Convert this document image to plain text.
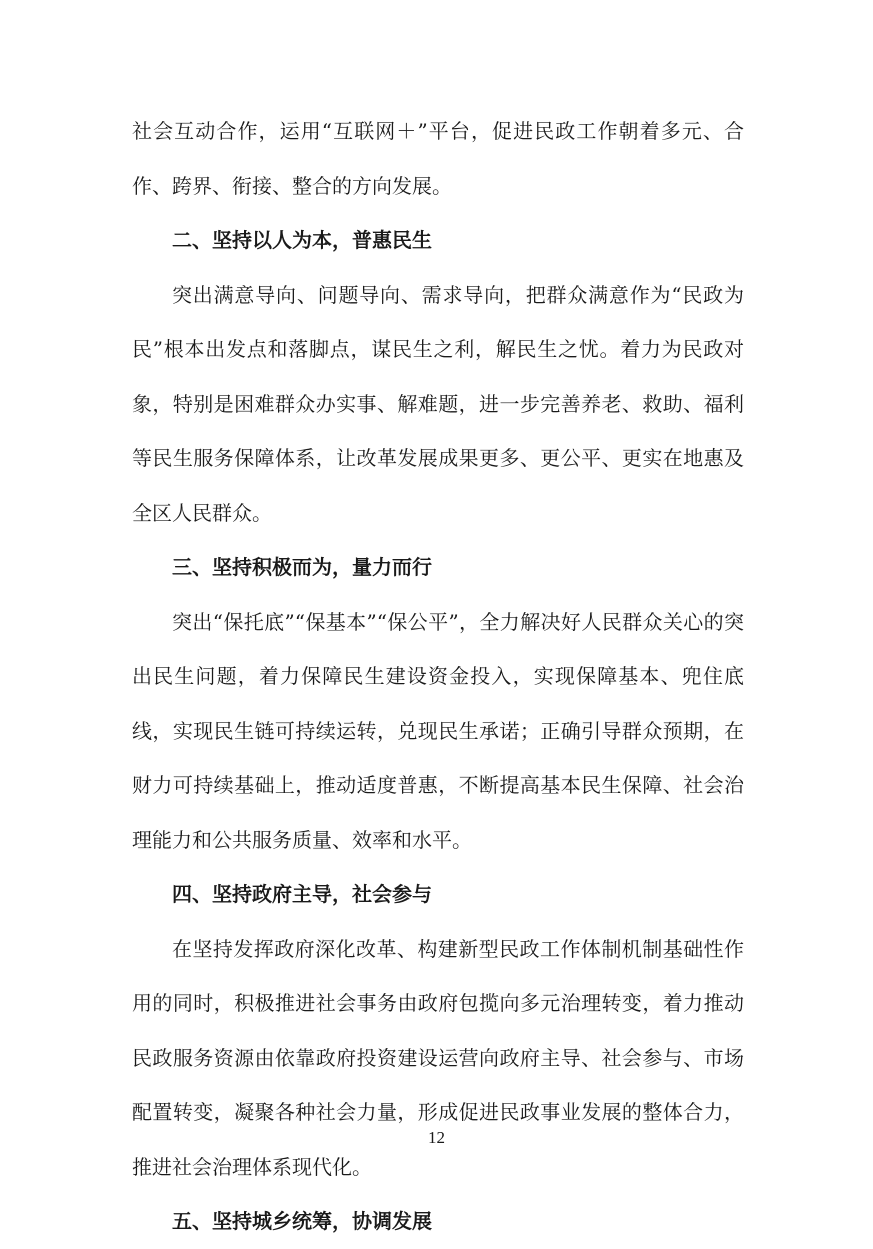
社会互动合作，运用“互联网＋”平台，促进民政工作朝着多元、合作、跨界、衔接、整合的方向发展。

二、坚持以人为本，普惠民生

突出满意导向、问题导向、需求导向，把群众满意作为“民政为民”根本出发点和落脚点，谋民生之利，解民生之忧。着力为民政对象，特别是困难群众办实事、解难题，进一步完善养老、救助、福利等民生服务保障体系，让改革发展成果更多、更公平、更实在地惠及全区人民群众。

三、坚持积极而为，量力而行

突出“保托底”“保基本”“保公平”，全力解决好人民群众关心的突出民生问题，着力保障民生建设资金投入，实现保障基本、兜住底线，实现民生链可持续运转，兑现民生承诺；正确引导群众预期，在财力可持续基础上，推动适度普惠，不断提高基本民生保障、社会治理能力和公共服务质量、效率和水平。

四、坚持政府主导，社会参与

在坚持发挥政府深化改革、构建新型民政工作体制机制基础性作用的同时，积极推进社会事务由政府包揽向多元治理转变，着力推动民政服务资源由依靠政府投资建设运营向政府主导、社会参与、市场配置转变，凝聚各种社会力量，形成促进民政事业发展的整体合力，推进社会治理体系现代化。

五、坚持城乡统筹，协调发展
12
